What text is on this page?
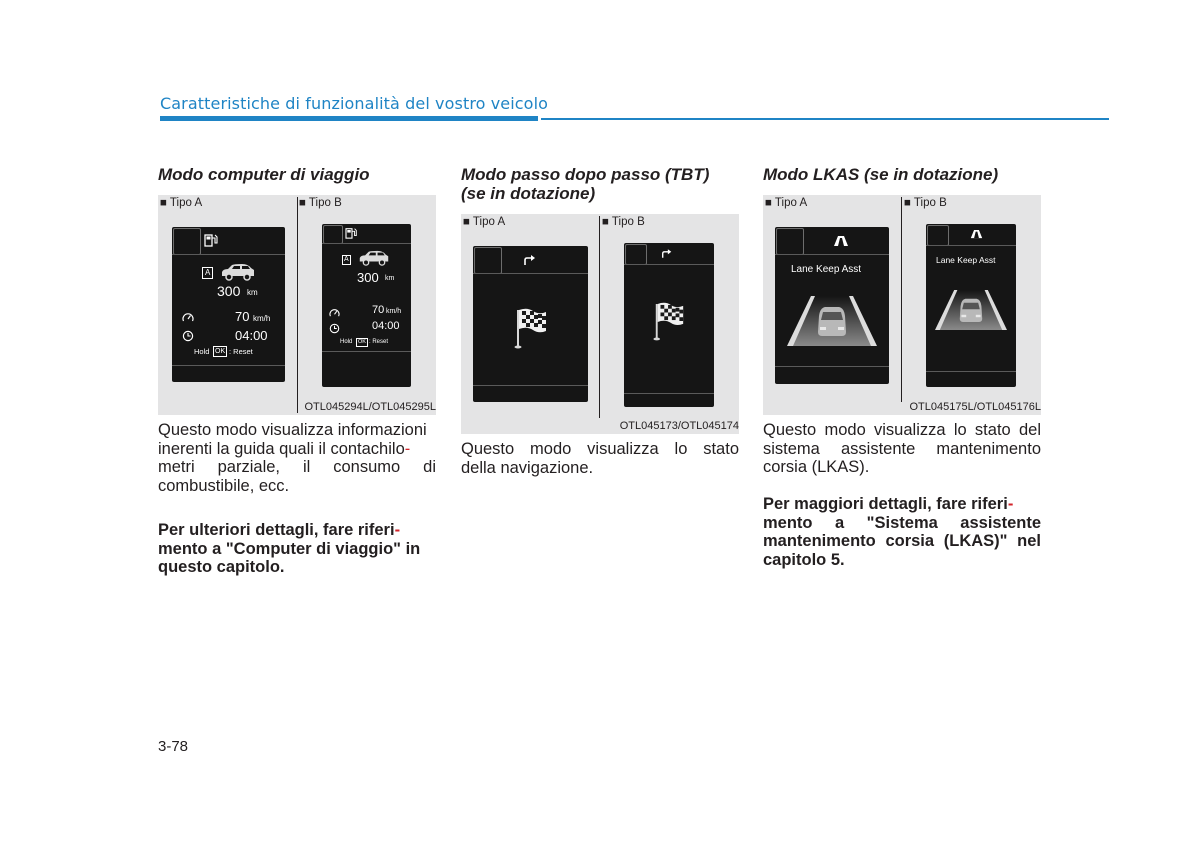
Caratteristiche di funzionalità del vostro veicolo
Modo computer di viaggio
■ Tipo A	■ Tipo B
A
300 km
70 km/h
04:00
Hold OK : Reset
A
300 km
70 km/h
04:00
Hold	OK : Reset
OTL045294L/OTL045295L
Questo modo visualizza informazioni
inerenti la guida quali il contachilo-
metri parziale, il consumo di
combustibile, ecc.
Per ulteriori dettagli, fare riferi-
mento a "Computer di viaggio" in
questo capitolo.
Modo passo dopo passo (TBT)
(se in dotazione)
■ Tipo A	■ Tipo B
OTL045173/OTL045174
Questo modo visualizza lo stato
della navigazione.
Modo LKAS (se in dotazione)
■ Tipo A	■ Tipo B
Lane Keep Asst
Lane Keep Asst
OTL045175L/OTL045176L
Questo modo visualizza lo stato del
sistema assistente mantenimento
corsia (LKAS).
Per maggiori dettagli, fare riferi-
mento a "Sistema assistente
mantenimento corsia (LKAS)" nel
capitolo 5.
3-78
